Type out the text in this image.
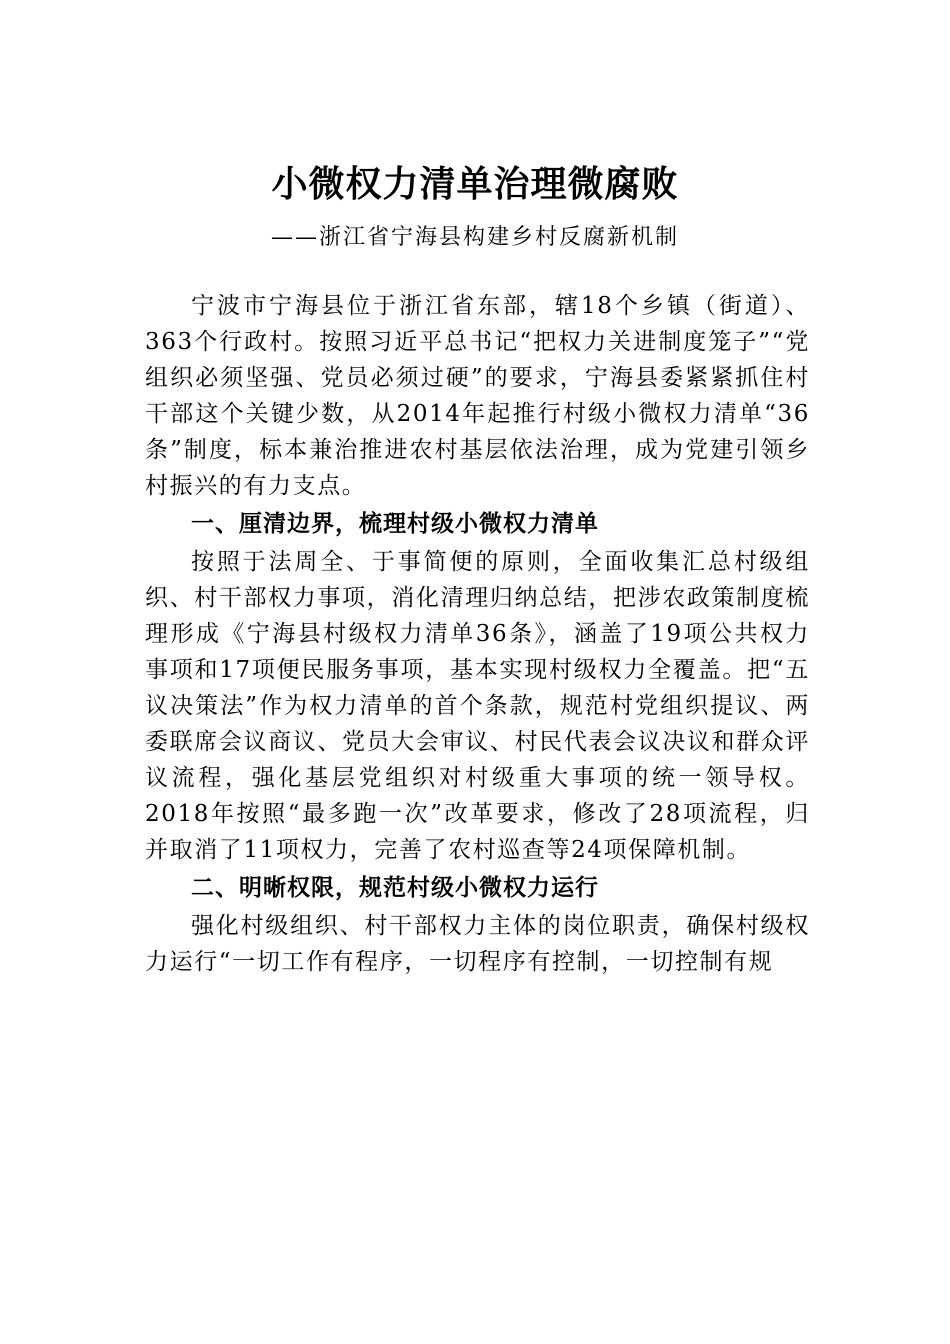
小微权力清单治理微腐败
——浙江省宁海县构建乡村反腐新机制

宁波市宁海县位于浙江省东部，辖18个乡镇（街道）、363个行政村。按照习近平总书记“把权力关进制度笼子”“党组织必须坚强、党员必须过硬”的要求，宁海县委紧紧抓住村干部这个关键少数，从2014年起推行村级小微权力清单“36条”制度，标本兼治推进农村基层依法治理，成为党建引领乡村振兴的有力支点。

一、厘清边界，梳理村级小微权力清单

按照于法周全、于事简便的原则，全面收集汇总村级组织、村干部权力事项，消化清理归纳总结，把涉农政策制度梳理形成《宁海县村级权力清单36条》，涵盖了19项公共权力事项和17项便民服务事项，基本实现村级权力全覆盖。把“五议决策法”作为权力清单的首个条款，规范村党组织提议、两委联席会议商议、党员大会审议、村民代表会议决议和群众评议流程，强化基层党组织对村级重大事项的统一领导权。2018年按照“最多跑一次”改革要求，修改了28项流程，归并取消了11项权力，完善了农村巡查等24项保障机制。

二、明晰权限，规范村级小微权力运行

强化村级组织、村干部权力主体的岗位职责，确保村级权力运行“一切工作有程序，一切程序有控制，一切控制有规
